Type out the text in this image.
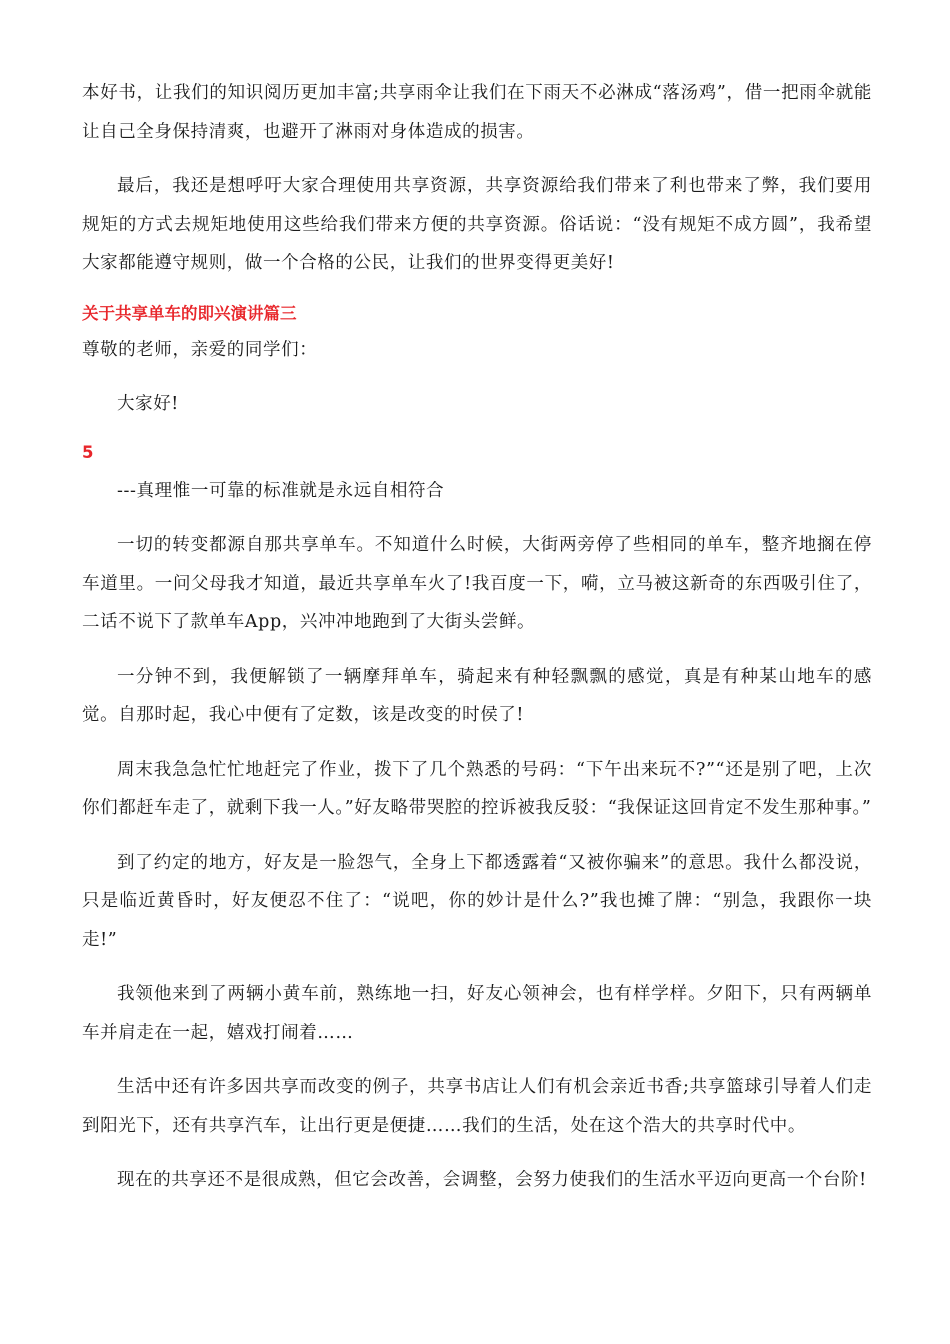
本好书，让我们的知识阅历更加丰富;共享雨伞让我们在下雨天不必淋成“落汤鸡”，借一把雨伞就能让自己全身保持清爽，也避开了淋雨对身体造成的损害。

最后，我还是想呼吁大家合理使用共享资源，共享资源给我们带来了利也带来了弊，我们要用规矩的方式去规矩地使用这些给我们带来方便的共享资源。俗话说：“没有规矩不成方圆”，我希望大家都能遵守规则，做一个合格的公民，让我们的世界变得更美好!

关于共享单车的即兴演讲篇三

尊敬的老师，亲爱的同学们：

大家好!

5

---真理惟一可靠的标准就是永远自相符合

一切的转变都源自那共享单车。不知道什么时候，大街两旁停了些相同的单车，整齐地搁在停车道里。一问父母我才知道，最近共享单车火了!我百度一下，嗬，立马被这新奇的东西吸引住了，二话不说下了款单车App，兴冲冲地跑到了大街头尝鲜。

一分钟不到，我便解锁了一辆摩拜单车，骑起来有种轻飘飘的感觉，真是有种某山地车的感觉。自那时起，我心中便有了定数，该是改变的时侯了!

周末我急急忙忙地赶完了作业，拨下了几个熟悉的号码：“下午出来玩不?”“还是别了吧，上次你们都赶车走了，就剩下我一人。”好友略带哭腔的控诉被我反驳：“我保证这回肯定不发生那种事。”

到了约定的地方，好友是一脸怨气，全身上下都透露着“又被你骗来”的意思。我什么都没说，只是临近黄昏时，好友便忍不住了：“说吧，你的妙计是什么?”我也摊了牌：“别急，我跟你一块走!”

我领他来到了两辆小黄车前，熟练地一扫，好友心领神会，也有样学样。夕阳下，只有两辆单车并肩走在一起，嬉戏打闹着……

生活中还有许多因共享而改变的例子，共享书店让人们有机会亲近书香;共享篮球引导着人们走到阳光下，还有共享汽车，让出行更是便捷……我们的生活，处在这个浩大的共享时代中。

现在的共享还不是很成熟，但它会改善，会调整，会努力使我们的生活水平迈向更高一个台阶!
